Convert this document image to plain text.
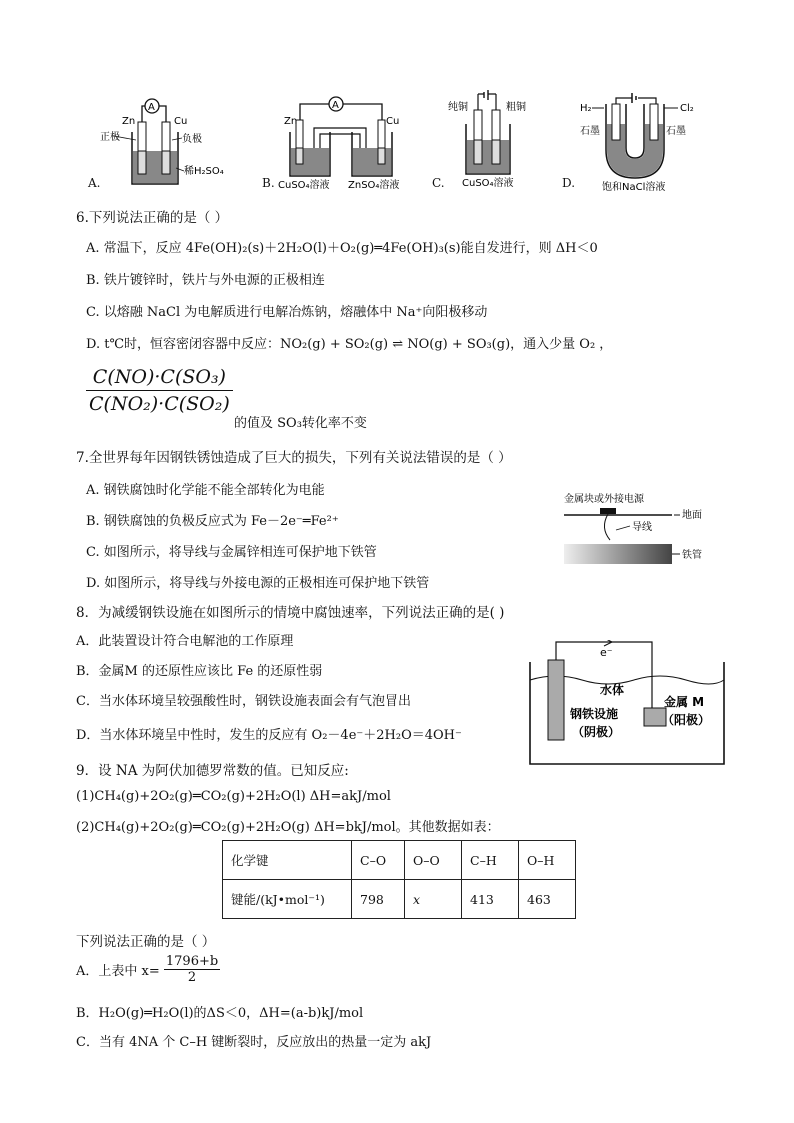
A
Zn	Cu
正极	负极
稀H₂SO₄
A.
A
Zn	Cu
CuSO₄溶液 ZnSO₄溶液
B.
纯铜	粗铜
CuSO₄溶液
C.
H₂	Cl₂
石墨	石墨
饱和NaCl溶液
D.
6.下列说法正确的是（ ）
A. 常温下，反应 4Fe(OH)₂(s)＋2H₂O(l)＋O₂(g)═4Fe(OH)₃(s)能自发进行，则 ΔH＜0
B. 铁片镀锌时，铁片与外电源的正极相连
C. 以熔融 NaCl 为电解质进行电解冶炼钠，熔融体中 Na⁺向阳极移动
D. t℃时，恒容密闭容器中反应：NO₂(g) + SO₂(g) ⇌ NO(g) + SO₃(g)，通入少量 O₂ ，
$\frac{\text{C(NO)·C(SO₃)}}{\text{C(NO₂)·C(SO₂)}}$
的值及 SO₃转化率不变
7.全世界每年因钢铁锈蚀造成了巨大的损失，下列有关说法错误的是（ ）
A. 钢铁腐蚀时化学能不能全部转化为电能
B. 钢铁腐蚀的负极反应式为 Fe－2e⁻═Fe²⁺
C. 如图所示，将导线与金属锌相连可保护地下铁管
D. 如图所示，将导线与外接电源的正极相连可保护地下铁管
金属块或外接电源
地面
导线
铁管
8．为减缓钢铁设施在如图所示的情境中腐蚀速率，下列说法正确的是( )
A．此装置设计符合电解池的工作原理
B．金属M 的还原性应该比 Fe 的还原性弱
C．当水体环境呈较强酸性时，钢铁设施表面会有气泡冒出
D．当水体环境呈中性时，发生的反应有 O₂－4e⁻＋2H₂O＝4OH⁻
e⁻
水体
钢铁设施
（阴极）
金属 M
（阳极）
9．设 NA 为阿伏加德罗常数的值。已知反应:
(1)CH₄(g)+2O₂(g)═CO₂(g)+2H₂O(l) ΔH=akJ/mol
(2)CH₄(g)+2O₂(g)═CO₂(g)+2H₂O(g) ΔH=bkJ/mol。其他数据如表：
化学键	C–O	O–O	C–H	O–H
键能/(kJ•mol⁻¹)	798	x	413	463
下列说法正确的是（ ）
A．上表中 $x= \frac{1796+b}{2}$
B．H₂O(g)═H₂O(l)的ΔS＜0，ΔH=(a-b)kJ/mol
C．当有 4NA 个 C–H 键断裂时，反应放出的热量一定为 akJ
